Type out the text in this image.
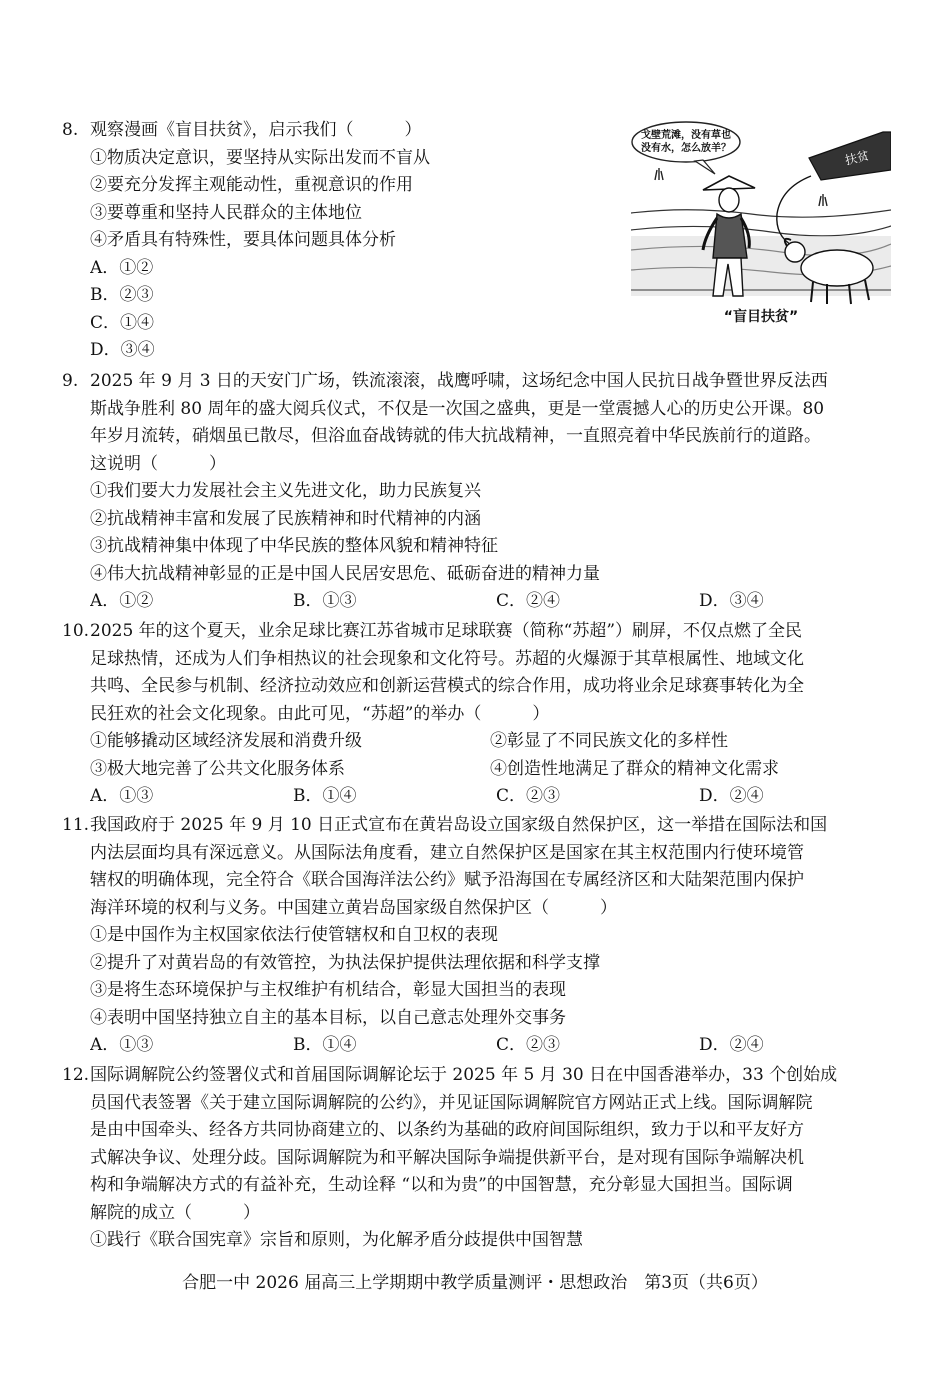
8. 观察漫画《盲目扶贫》，启示我们（　　　）
①物质决定意识，要坚持从实际出发而不盲从
②要充分发挥主观能动性，重视意识的作用
③要尊重和坚持人民群众的主体地位
④矛盾具有特殊性，要具体问题具体分析
A．①②
B．②③
C．①④
D．③④
戈壁荒滩，没有草也
没有水，怎么放羊？	扶贫
“盲目扶贫”
9. 2025 年 9 月 3 日的天安门广场，铁流滚滚，战鹰呼啸，这场纪念中国人民抗日战争暨世界反法西
斯战争胜利 80 周年的盛大阅兵仪式，不仅是一次国之盛典，更是一堂震撼人心的历史公开课。80
年岁月流转，硝烟虽已散尽，但浴血奋战铸就的伟大抗战精神，一直照亮着中华民族前行的道路。
这说明（　　　）
①我们要大力发展社会主义先进文化，助力民族复兴
②抗战精神丰富和发展了民族精神和时代精神的内涵
③抗战精神集中体现了中华民族的整体风貌和精神特征
④伟大抗战精神彰显的正是中国人民居安思危、砥砺奋进的精神力量
A．①②	B．①③	C．②④	D．③④
10. 2025 年的这个夏天，业余足球比赛江苏省城市足球联赛（简称“苏超”）刷屏，不仅点燃了全民
足球热情，还成为人们争相热议的社会现象和文化符号。苏超的火爆源于其草根属性、地域文化
共鸣、全民参与机制、经济拉动效应和创新运营模式的综合作用，成功将业余足球赛事转化为全
民狂欢的社会文化现象。由此可见，“苏超”的举办（　　　）
①能够撬动区域经济发展和消费升级	②彰显了不同民族文化的多样性
③极大地完善了公共文化服务体系	④创造性地满足了群众的精神文化需求
A．①③	B．①④	C．②③	D．②④
11. 我国政府于 2025 年 9 月 10 日正式宣布在黄岩岛设立国家级自然保护区，这一举措在国际法和国
内法层面均具有深远意义。从国际法角度看，建立自然保护区是国家在其主权范围内行使环境管
辖权的明确体现，完全符合《联合国海洋法公约》赋予沿海国在专属经济区和大陆架范围内保护
海洋环境的权利与义务。中国建立黄岩岛国家级自然保护区（　　　）
①是中国作为主权国家依法行使管辖权和自卫权的表现
②提升了对黄岩岛的有效管控，为执法保护提供法理依据和科学支撑
③是将生态环境保护与主权维护有机结合，彰显大国担当的表现
④表明中国坚持独立自主的基本目标，以自己意志处理外交事务
A．①③	B．①④	C．②③	D．②④
12. 国际调解院公约签署仪式和首届国际调解论坛于 2025 年 5 月 30 日在中国香港举办，33 个创始成
员国代表签署《关于建立国际调解院的公约》，并见证国际调解院官方网站正式上线。国际调解院
是由中国牵头、经各方共同协商建立的、以条约为基础的政府间国际组织，致力于以和平友好方
式解决争议、处理分歧。国际调解院为和平解决国际争端提供新平台，是对现有国际争端解决机
构和争端解决方式的有益补充，生动诠释 “以和为贵”的中国智慧，充分彰显大国担当。国际调
解院的成立（　　　）
①践行《联合国宪章》宗旨和原则，为化解矛盾分歧提供中国智慧
合肥一中 2026 届高三上学期期中教学质量测评・思想政治　第3页（共6页）
